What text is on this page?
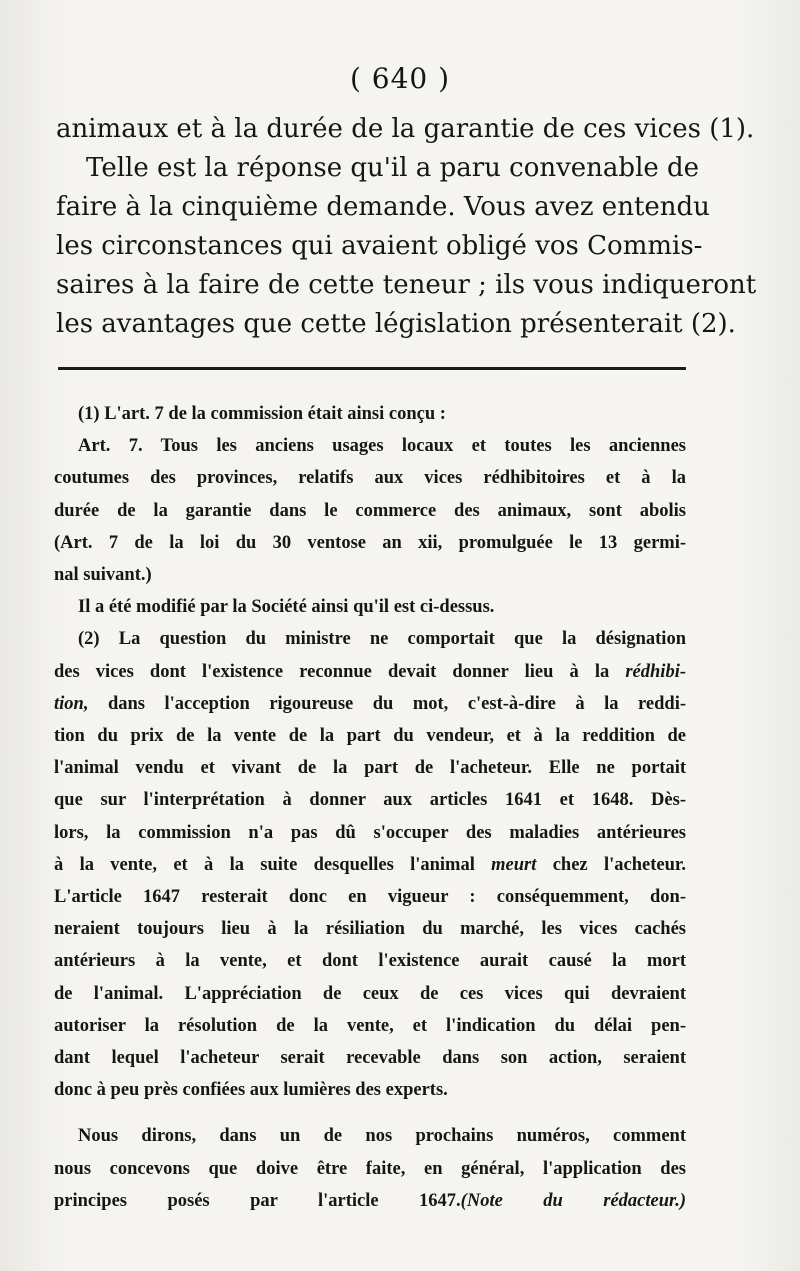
( 640 )
animaux et à la durée de la garantie de ces vices (1).
Telle est la réponse qu'il a paru convenable de
faire à la cinquième demande. Vous avez entendu
les circonstances qui avaient obligé vos Commis-
saires à la faire de cette teneur ; ils vous indiqueront
les avantages que cette législation présenterait (2).
(1) L'art. 7 de la commission était ainsi conçu :
Art. 7. Tous les anciens usages locaux et toutes les anciennes
coutumes des provinces, relatifs aux vices rédhibitoires et à la
durée de la garantie dans le commerce des animaux, sont abolis
(Art. 7 de la loi du 30 ventose an xii, promulguée le 13 germi-
nal suivant.)
Il a été modifié par la Société ainsi qu'il est ci-dessus.
(2) La question du ministre ne comportait que la désignation
des vices dont l'existence reconnue devait donner lieu à la rédhibi-
tion, dans l'acception rigoureuse du mot, c'est-à-dire à la reddi-
tion du prix de la vente de la part du vendeur, et à la reddition de
l'animal vendu et vivant de la part de l'acheteur. Elle ne portait
que sur l'interprétation à donner aux articles 1641 et 1648. Dès-
lors, la commission n'a pas dû s'occuper des maladies antérieures
à la vente, et à la suite desquelles l'animal meurt chez l'acheteur.
L'article 1647 resterait donc en vigueur : conséquemment, don-
neraient toujours lieu à la résiliation du marché, les vices cachés
antérieurs à la vente, et dont l'existence aurait causé la mort
de l'animal. L'appréciation de ceux de ces vices qui devraient
autoriser la résolution de la vente, et l'indication du délai pen-
dant lequel l'acheteur serait recevable dans son action, seraient
donc à peu près confiées aux lumières des experts.
Nous dirons, dans un de nos prochains numéros, comment
nous concevons que doive être faite, en général, l'application des
principes posés par l'article 1647.(Note du rédacteur.)
